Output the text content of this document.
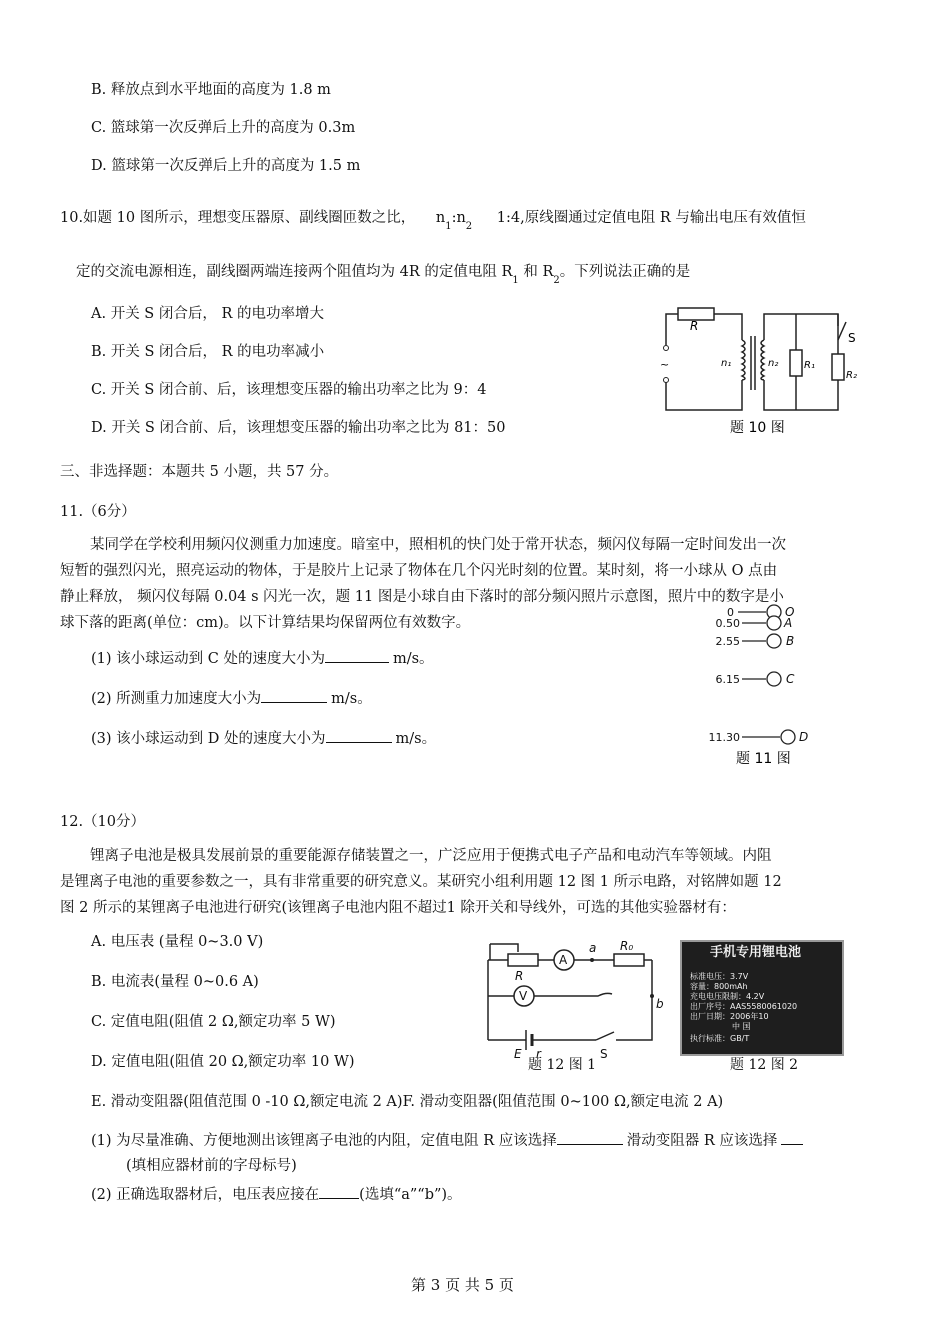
B. 释放点到水平地面的高度为 1.8 m
C. 篮球第一次反弹后上升的高度为 0.3m
D. 篮球第一次反弹后上升的高度为 1.5 m
10.如题 10 图所示，理想变压器原、副线圈匝数之比， $n_1:n_2$ 1:4,原线圈通过定值电阻 R 与输出电压有效值恒
定的交流电源相连，副线圈两端连接两个阻值均为 4R 的定值电阻 $R_1$ 和 $R_2$。下列说法正确的是
A. 开关 S 闭合后， R 的电功率增大
B. 开关 S 闭合后， R 的电功率减小
C. 开关 S 闭合前、后，该理想变压器的输出功率之比为 9：4
D. 开关 S 闭合前、后，该理想变压器的输出功率之比为 81：50
~
R
n₁	n₂	R₁
R₂
S
题 10 图
三、非选择题：本题共 5 小题，共 57 分。
11.（6分）
某同学在学校利用频闪仪测重力加速度。暗室中，照相机的快门处于常开状态，频闪仪每隔一定时间发出一次
短暂的强烈闪光，照亮运动的物体，于是胶片上记录了物体在几个闪光时刻的位置。某时刻，将一小球从 O 点由
静止释放， 频闪仪每隔 0.04 s 闪光一次，题 11 图是小球自由下落时的部分频闪照片示意图，照片中的数字是小
球下落的距离(单位：cm)。以下计算结果均保留两位有效数字。
(1) 该小球运动到 C 处的速度大小为	m/s。
(2) 所测重力加速度大小为	m/s。
(3) 该小球运动到 D 处的速度大小为	m/s。
0
0.50
2.55
6.15
11.30
O
A
B
C
D
题 11 图
12.（10分）
锂离子电池是极具发展前景的重要能源存储装置之一，广泛应用于便携式电子产品和电动汽车等领域。内阻
是锂离子电池的重要参数之一，具有非常重要的研究意义。某研究小组利用题 12 图 1 所示电路，对铭牌如题 12
图 2 所示的某锂离子电池进行研究(该锂离子电池内阻不超过1 除开关和导线外，可选的其他实验器材有：
A. 电压表 (量程 0~3.0 V)
B. 电流表(量程 0~0.6 A)
C. 定值电阻(阻值 2 Ω,额定功率 5 W)
D. 定值电阻(阻值 20 Ω,额定功率 10 W)
E. 滑动变阻器(阻值范围 0 -10 Ω,额定电流 2 A)F. 滑动变阻器(阻值范围 0~100 Ω,额定电流 2 A)
(1) 为尽量准确、方便地测出该锂离子电池的内阻，定值电阻 R 应该选择	滑动变阻器 R 应该选择
(填相应器材前的字母标号)
(2) 正确选取器材后，电压表应接在	(选填“a”“b”)。
A
V
R
R₀
a
b
E r	S
题 12 图 1
手机专用锂电池
标准电压：3.7V
容量：800mAh
充电电压限制：4.2V
出厂序号：AAS5580061020
出厂日期：2006年10
中 国
执行标准：GB/T
题 12 图 2
第 3 页 共 5 页
